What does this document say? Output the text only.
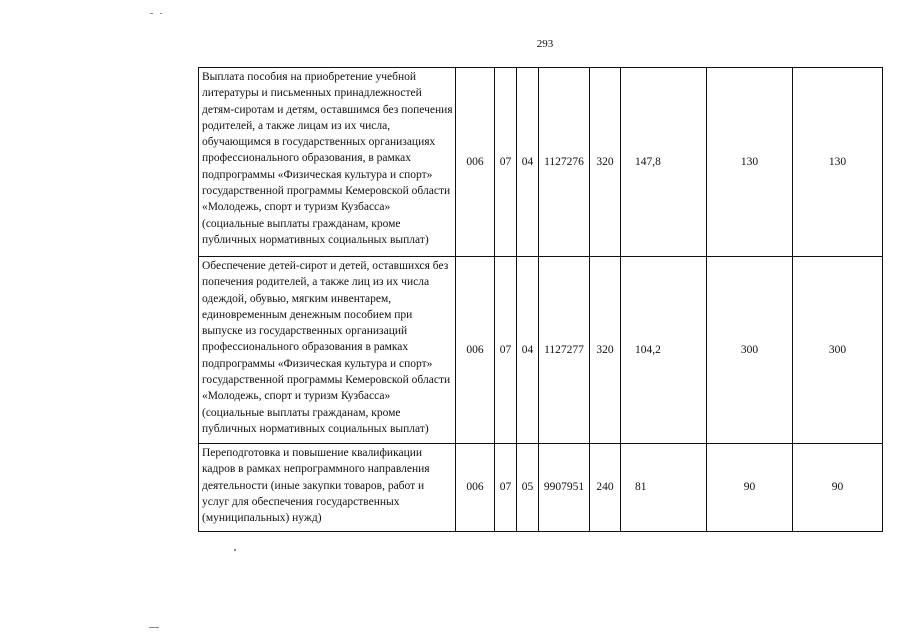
293
Выплата пособия на приобретение учебной литературы и письменных принадлежностей детям-сиротам и детям, оставшимся без попечения родителей, а также лицам из их числа, обучающимся в государственных организациях профессионального образования, в рамках подпрограммы «Физическая культура и спорт» государственной программы Кемеровской области «Молодежь, спорт и туризм Кузбасса» (социальные выплаты гражданам, кроме публичных нормативных социальных выплат)	006	07	04	1127276	320	147,8	130	130
Обеспечение детей-сирот и детей, оставшихся без попечения родителей, а также лиц из их числа одеждой, обувью, мягким инвентарем, единовременным денежным пособием при выпуске из государственных организаций профессионального образования в рамках подпрограммы «Физическая культура и спорт» государственной программы Кемеровской области «Молодежь, спорт и туризм Кузбасса» (социальные выплаты гражданам, кроме публичных нормативных социальных выплат)	006	07	04	1127277	320	104,2	300	300
Переподготовка и повышение квалификации кадров в рамках непрограммного направления деятельности (иные закупки товаров, работ и услуг для обеспечения государственных (муниципальных) нужд)	006	07	05	9907951	240	81	90	90
